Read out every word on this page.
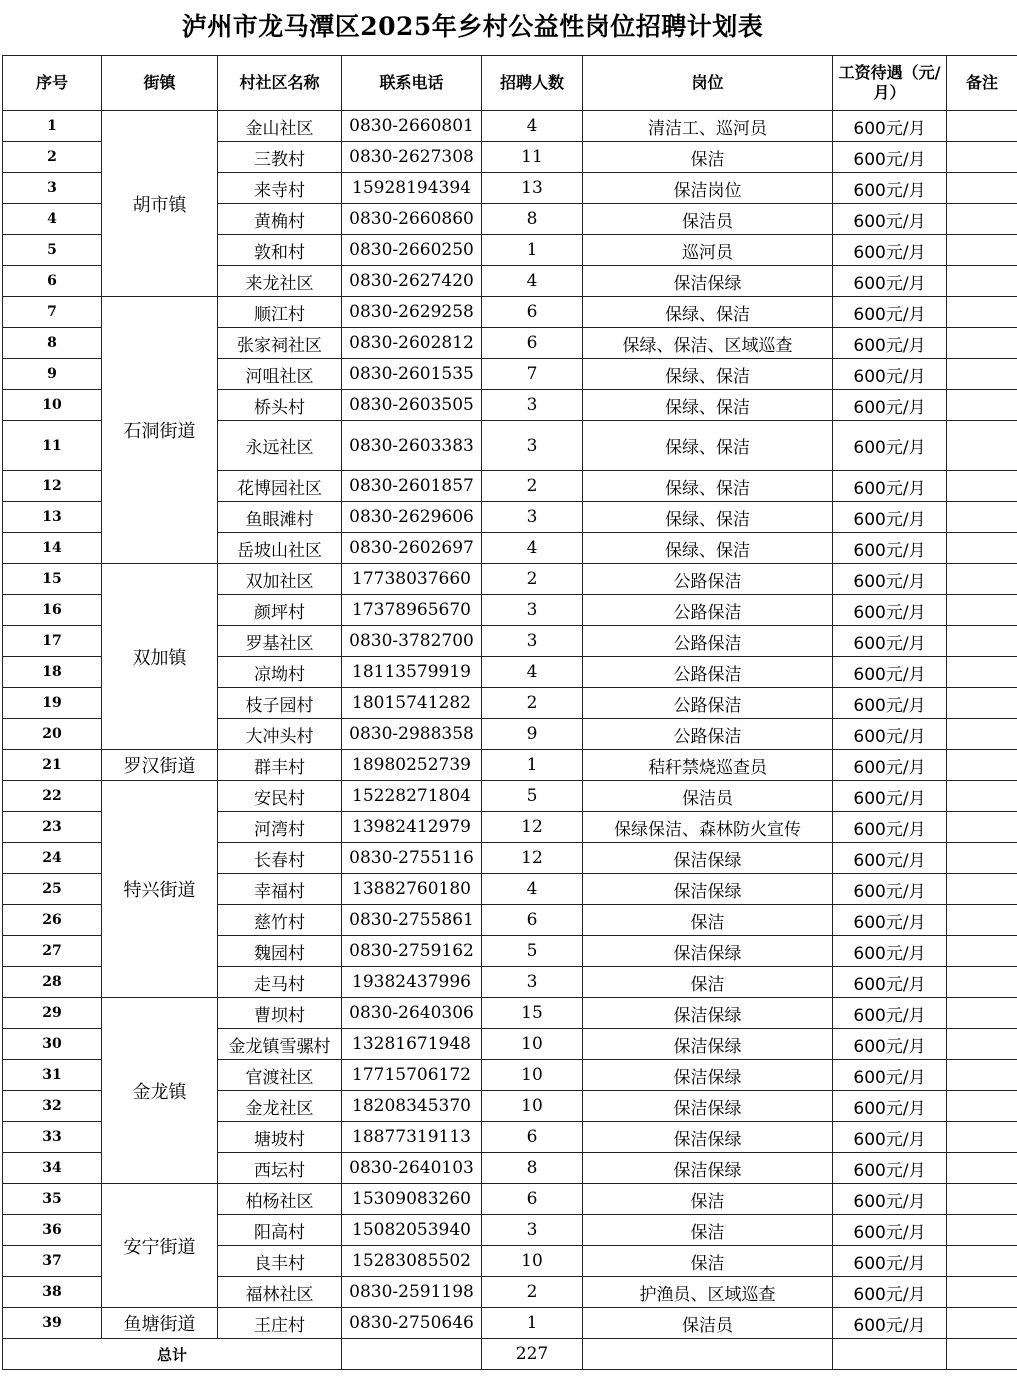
泸州市龙马潭区2025年乡村公益性岗位招聘计划表
序号	街镇	村社区名称	联系电话	招聘人数	岗位	工资待遇（元/月）	备注
1	胡市镇	金山社区	0830-2660801	4	清洁工、巡河员	600元/月	
2		三教村	0830-2627308	11	保洁	600元/月	
3		来寺村	15928194394	13	保洁岗位	600元/月	
4		黄桷村	0830-2660860	8	保洁员	600元/月	
5		敦和村	0830-2660250	1	巡河员	600元/月	
6		来龙社区	0830-2627420	4	保洁保绿	600元/月	
7	石洞街道	顺江村	0830-2629258	6	保绿、保洁	600元/月	
8		张家祠社区	0830-2602812	6	保绿、保洁、区域巡查	600元/月	
9		河咀社区	0830-2601535	7	保绿、保洁	600元/月	
10		桥头村	0830-2603505	3	保绿、保洁	600元/月	
11		永远社区	0830-2603383	3	保绿、保洁	600元/月	
12		花博园社区	0830-2601857	2	保绿、保洁	600元/月	
13		鱼眼滩村	0830-2629606	3	保绿、保洁	600元/月	
14		岳坡山社区	0830-2602697	4	保绿、保洁	600元/月	
15	双加镇	双加社区	17738037660	2	公路保洁	600元/月	
16		颜坪村	17378965670	3	公路保洁	600元/月	
17		罗基社区	0830-3782700	3	公路保洁	600元/月	
18		凉坳村	18113579919	4	公路保洁	600元/月	
19		枝子园村	18015741282	2	公路保洁	600元/月	
20		大冲头村	0830-2988358	9	公路保洁	600元/月	
21	罗汉街道	群丰村	18980252739	1	秸秆禁烧巡查员	600元/月	
22	特兴街道	安民村	15228271804	5	保洁员	600元/月	
23		河湾村	13982412979	12	保绿保洁、森林防火宣传	600元/月	
24		长春村	0830-2755116	12	保洁保绿	600元/月	
25		幸福村	13882760180	4	保洁保绿	600元/月	
26		慈竹村	0830-2755861	6	保洁	600元/月	
27		魏园村	0830-2759162	5	保洁保绿	600元/月	
28		走马村	19382437996	3	保洁	600元/月	
29	金龙镇	曹坝村	0830-2640306	15	保洁保绿	600元/月	
30		金龙镇雪骡村	13281671948	10	保洁保绿	600元/月	
31		官渡社区	17715706172	10	保洁保绿	600元/月	
32		金龙社区	18208345370	10	保洁保绿	600元/月	
33		塘坡村	18877319113	6	保洁保绿	600元/月	
34		西坛村	0830-2640103	8	保洁保绿	600元/月	
35	安宁街道	柏杨社区	15309083260	6	保洁	600元/月	
36		阳高村	15082053940	3	保洁	600元/月	
37		良丰村	15283085502	10	保洁	600元/月	
38		福林社区	0830-2591198	2	护渔员、区域巡查	600元/月	
39	鱼塘街道	王庄村	0830-2750646	1	保洁员	600元/月	
总计				227			
